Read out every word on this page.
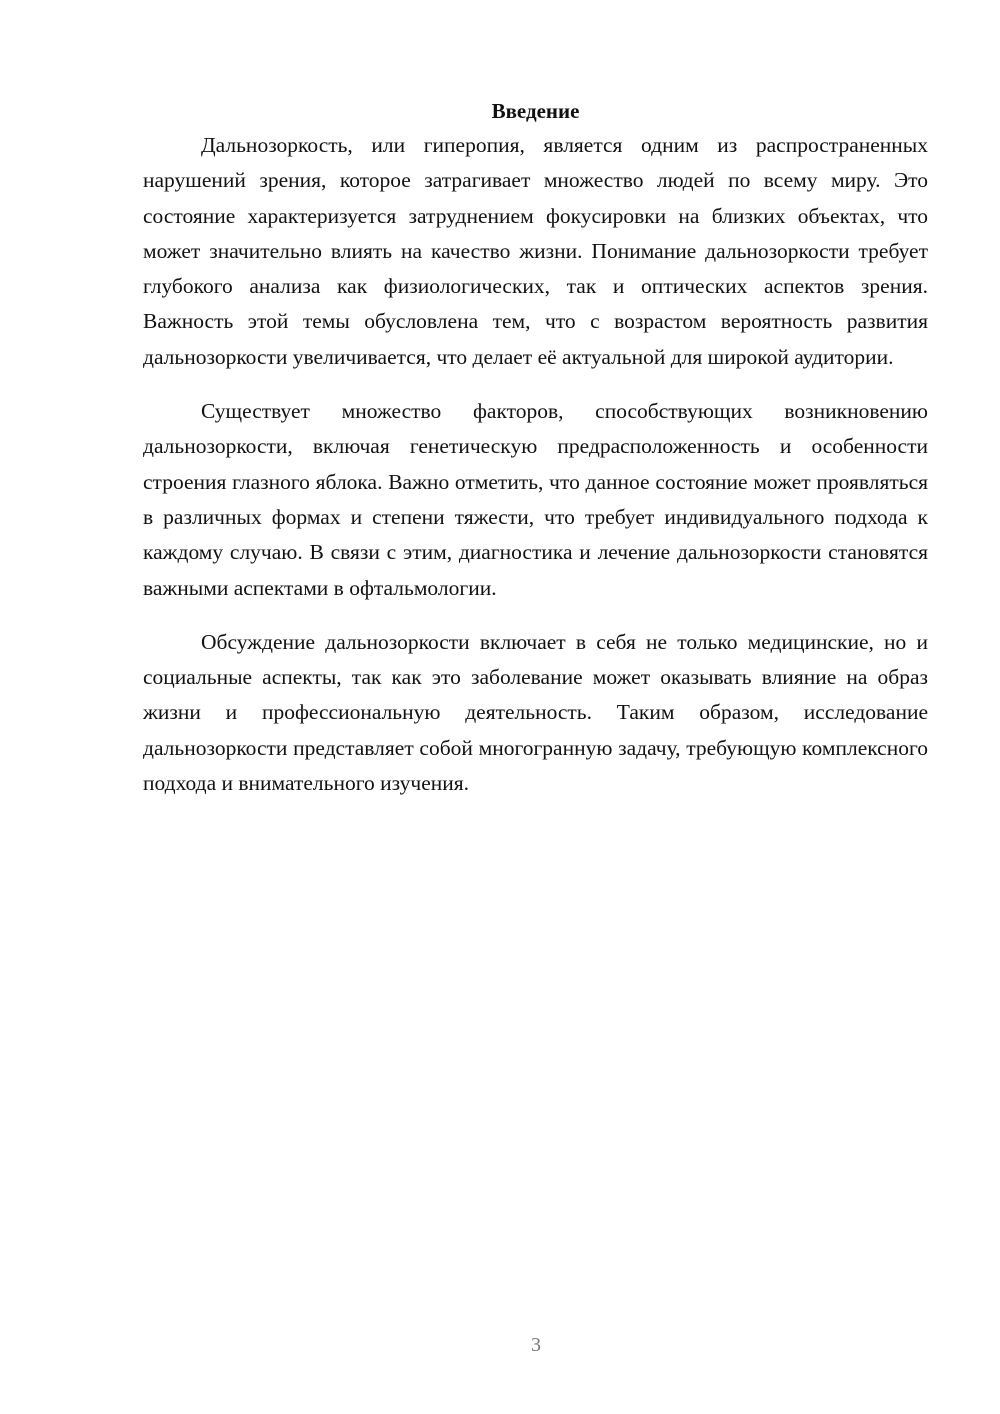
Введение

Дальнозоркость, или гиперопия, является одним из распространенных нарушений зрения, которое затрагивает множество людей по всему миру. Это состояние характеризуется затруднением фокусировки на близких объектах, что может значительно влиять на качество жизни. Понимание дальнозоркости требует глубокого анализа как физиологических, так и оптических аспектов зрения. Важность этой темы обусловлена тем, что с возрастом вероятность развития дальнозоркости увеличивается, что делает её актуальной для широкой аудитории.

Существует множество факторов, способствующих возникновению дальнозоркости, включая генетическую предрасположенность и особенности строения глазного яблока. Важно отметить, что данное состояние может проявляться в различных формах и степени тяжести, что требует индивидуального подхода к каждому случаю. В связи с этим, диагностика и лечение дальнозоркости становятся важными аспектами в офтальмологии.

Обсуждение дальнозоркости включает в себя не только медицинские, но и социальные аспекты, так как это заболевание может оказывать влияние на образ жизни и профессиональную деятельность. Таким образом, исследование дальнозоркости представляет собой многогранную задачу, требующую комплексного подхода и внимательного изучения.

3
